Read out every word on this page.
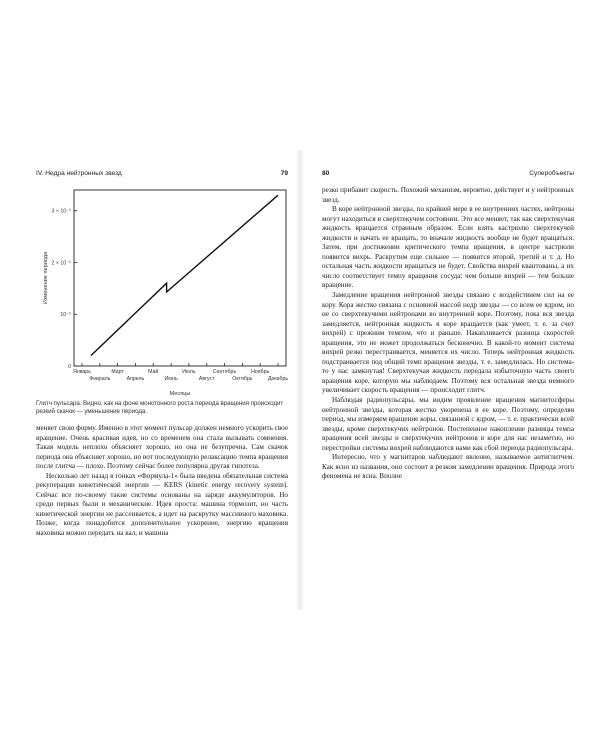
IV. Недра нейтронных звезд	79
Изменение периода
Месяцы
0
10⁻⁵
2 × 10⁻⁵
3 × 10⁻⁵
Январь
Февраль
Март
Апрель
Май
Июнь
Июль
Август
Сентябрь
Октябрь
Ноябрь
Декабрь
Глитч пульсара. Видно, как на фоне монотонного роста периода вращения происходит резкий скачок — уменьшение периода.

меняет свою форму. Именно в этот момент пульсар должен немного ускорить свое вращение. Очень красивая идея, но со временем она стала вызывать сомнения. Такая модель неплохо объясняет хорошо, но она не безупречна. Сам скачок периода она объясняет хорошо, но вот последующую релаксацию темпа вращения после глитча — плохо. Поэтому сейчас более популярна другая гипотеза.

Несколько лет назад в гонках «Формула-1» была введена обязательная система рекуперации кинетической энергии — KERS (kinetic energy recovery system). Сейчас все по-своему такие системы основаны на заряде аккумуляторов. Но среди первых были и механические. Идея проста: машина тормозит, но часть кинетической энергии не рассеивается, а идет на раскрутку массивного маховика. Позже, когда понадобится дополнительное ускорение, энергию вращения маховика можно передать на вал, и машина

80	Суперобъекты

резко прибавит скорость. Похожий механизм, вероятно, действует и у нейтронных звезд.

В коре нейтронной звезды, по крайней мере в ее внутренних частях, нейтроны могут находиться в сверхтекучем состоянии. Это все меняет, так как сверхтекучая жидкость вращается странным образом. Если взять кастрюлю сверхтекучей жидкости и начать ее вращать, то вначале жидкость вообще не будет вращаться. Затем, при достижении критического темпа вращения, в центре кастрюли появится вихрь. Раскрутим еще сильнее — появится второй, третий и т. д. Но остальная часть жидкости вращаться не будет. Свойства вихрей квантованы, а их число соответствует темпу вращения сосуда: чем больше вихрей — тем больше вращение.

Замедление вращения нейтронной звезды связано с воздействием сил на ее кору. Кора жестко связана с основной массой недр звезды — со всем ее ядром, но не со сверхтекучими нейтронами во внутренней коре. Поэтому, пока вся звезда замедляется, нейтронная жидкость в коре вращается (как умеет, т. е. за счет вихрей) с прежним темпом, что и раньше. Накапливается разница скоростей вращения, это не может продолжаться бесконечно. В какой-то момент система вихрей резко перестраивается, меняется их число. Теперь нейтронная жидкость подстраивается под общий темп вращения звезды, т. е. замедлилась. Но система-то у нас замкнутая! Сверхтекучая жидкость передала избыточную часть своего вращения коре, которую мы наблюдаем. Поэтому вся остальная звезда немного увеличивает скорость вращения — происходит глитч.

Наблюдая радиопульсары, мы видим проявление вращения магнитосферы нейтронной звезды, которая жестко укоренена в ее коре. Поэтому, определяя период, мы измеряем вращение коры, связанной с ядром, — т. е. практически всей звезды, кроме сверхтекучих нейтронов. Постепенное накопление разницы темпа вращения всей звезды и сверхтекучих нейтронов в коре для нас незаметно, но перестройки системы вихрей наблюдаются нами как сбой периода радиопульсара.

Интересно, что у магнитаров наблюдают явление, называемое антиглитчем. Как ясно из названия, оно состоит в резком замедлении вращения. Природа этого феномена не ясна. Вполне
